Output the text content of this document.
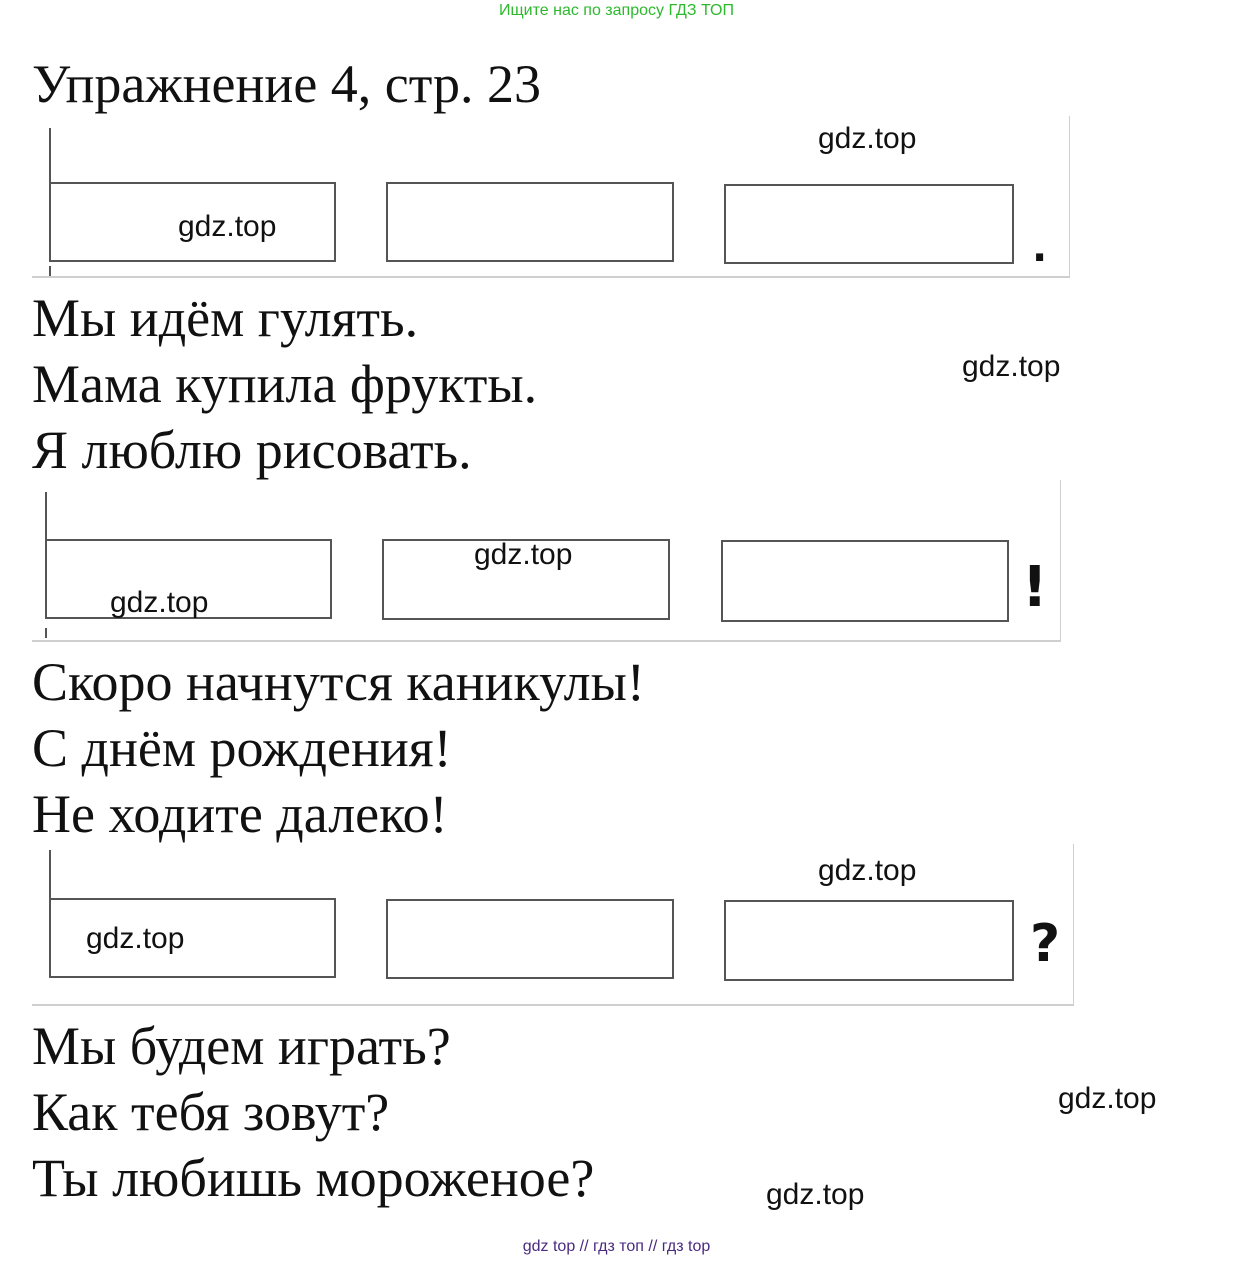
Ищите нас по запросу ГДЗ ТОП
Упражнение 4, стр. 23
.
Мы идём гулять.
Мама купила фрукты.
Я люблю рисовать.
!
Скоро начнутся каникулы!
С днём рождения!
Не ходите далеко!
?
Мы будем играть?
Как тебя зовут?
Ты любишь мороженое?
gdz.top
gdz.top
gdz.top
gdz.top
gdz.top
gdz.top
gdz.top
gdz.top
gdz.top
gdz top // гдз топ // гдз top
